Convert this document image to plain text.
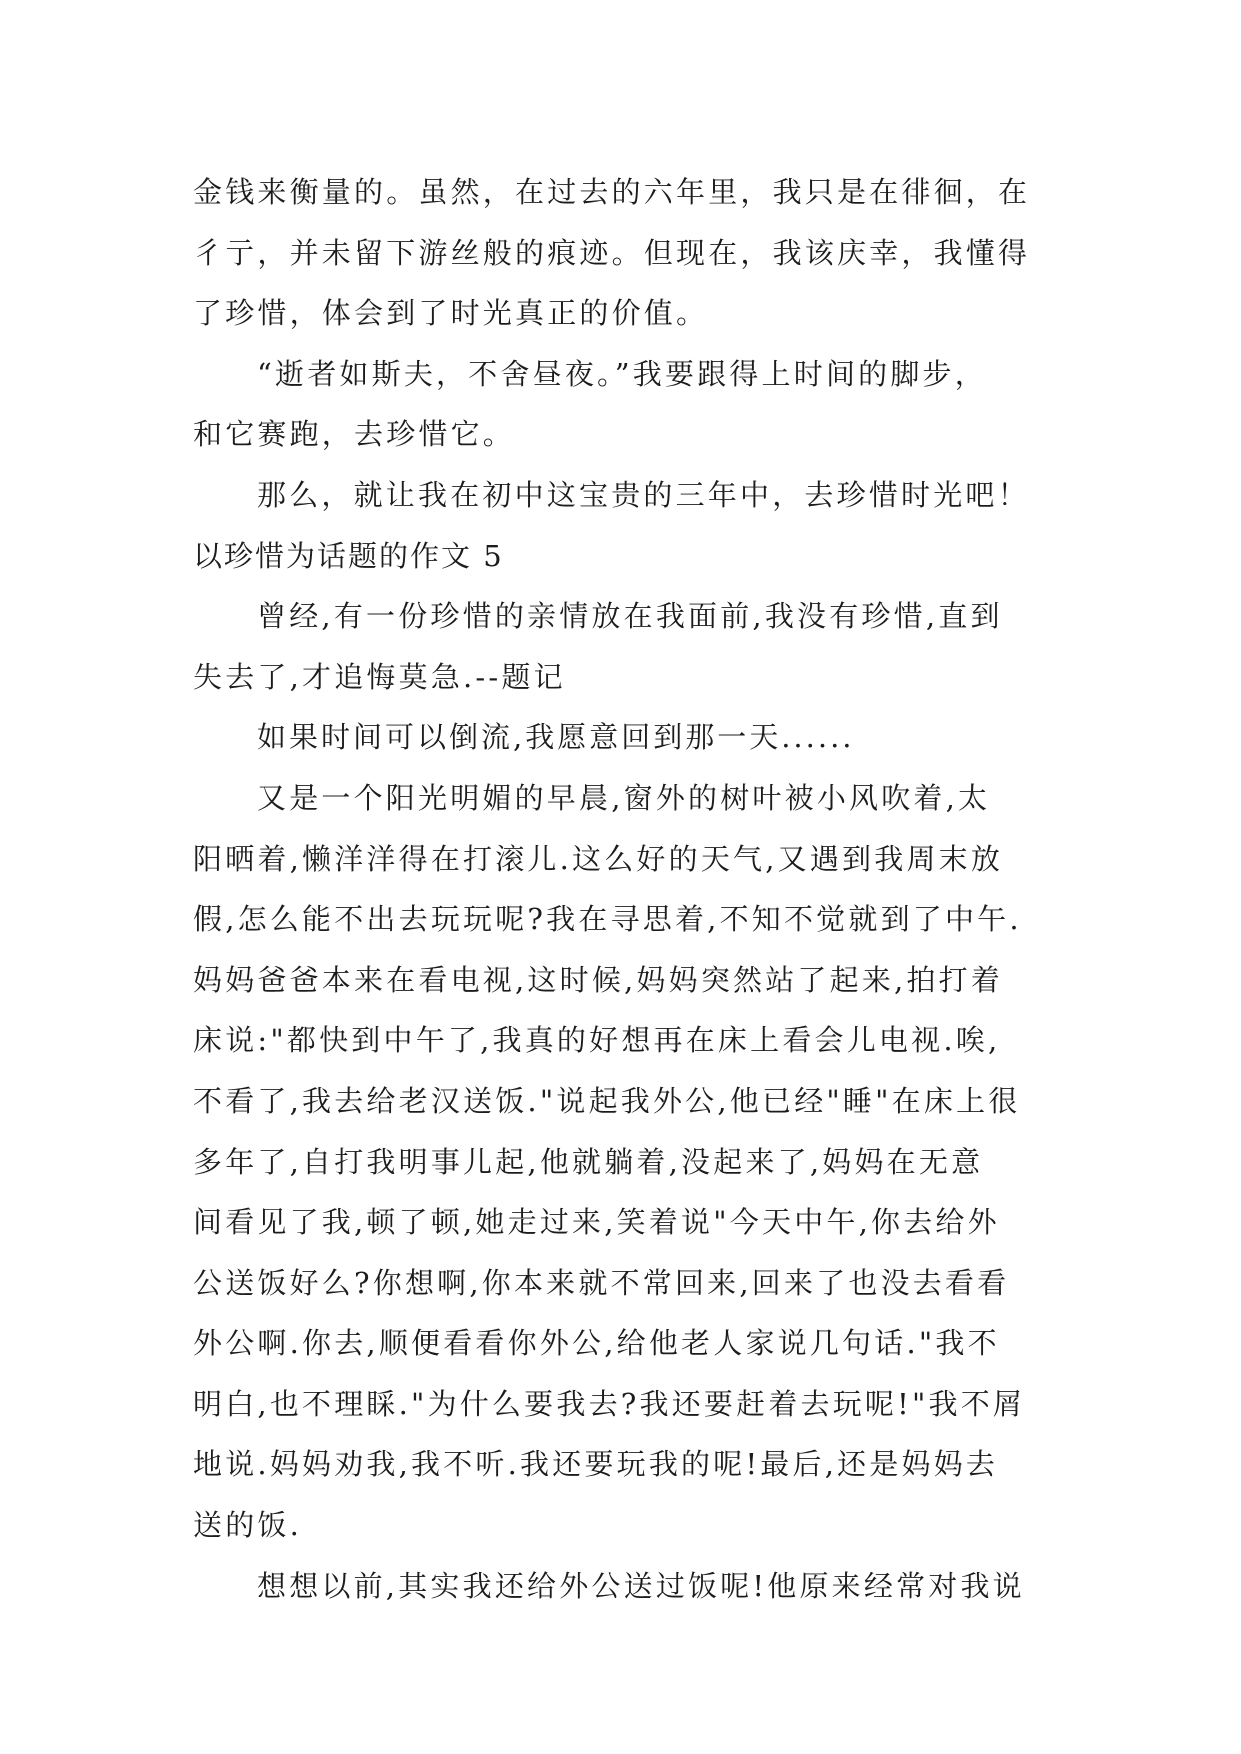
金钱来衡量的。虽然，在过去的六年里，我只是在徘徊，在
彳亍，并未留下游丝般的痕迹。但现在，我该庆幸，我懂得
了珍惜，体会到了时光真正的价值。
“逝者如斯夫，不舍昼夜。”我要跟得上时间的脚步，
和它赛跑，去珍惜它。
那么，就让我在初中这宝贵的三年中，去珍惜时光吧！
以珍惜为话题的作文 5
曾经,有一份珍惜的亲情放在我面前,我没有珍惜,直到
失去了,才追悔莫急.--题记
如果时间可以倒流,我愿意回到那一天......
又是一个阳光明媚的早晨,窗外的树叶被小风吹着,太
阳晒着,懒洋洋得在打滚儿.这么好的天气,又遇到我周末放
假,怎么能不出去玩玩呢?我在寻思着,不知不觉就到了中午.
妈妈爸爸本来在看电视,这时候,妈妈突然站了起来,拍打着
床说:"都快到中午了,我真的好想再在床上看会儿电视.唉,
不看了,我去给老汉送饭."说起我外公,他已经"睡"在床上很
多年了,自打我明事儿起,他就躺着,没起来了,妈妈在无意
间看见了我,顿了顿,她走过来,笑着说"今天中午,你去给外
公送饭好么?你想啊,你本来就不常回来,回来了也没去看看
外公啊.你去,顺便看看你外公,给他老人家说几句话."我不
明白,也不理睬."为什么要我去?我还要赶着去玩呢!"我不屑
地说.妈妈劝我,我不听.我还要玩我的呢!最后,还是妈妈去
送的饭.
想想以前,其实我还给外公送过饭呢!他原来经常对我说
